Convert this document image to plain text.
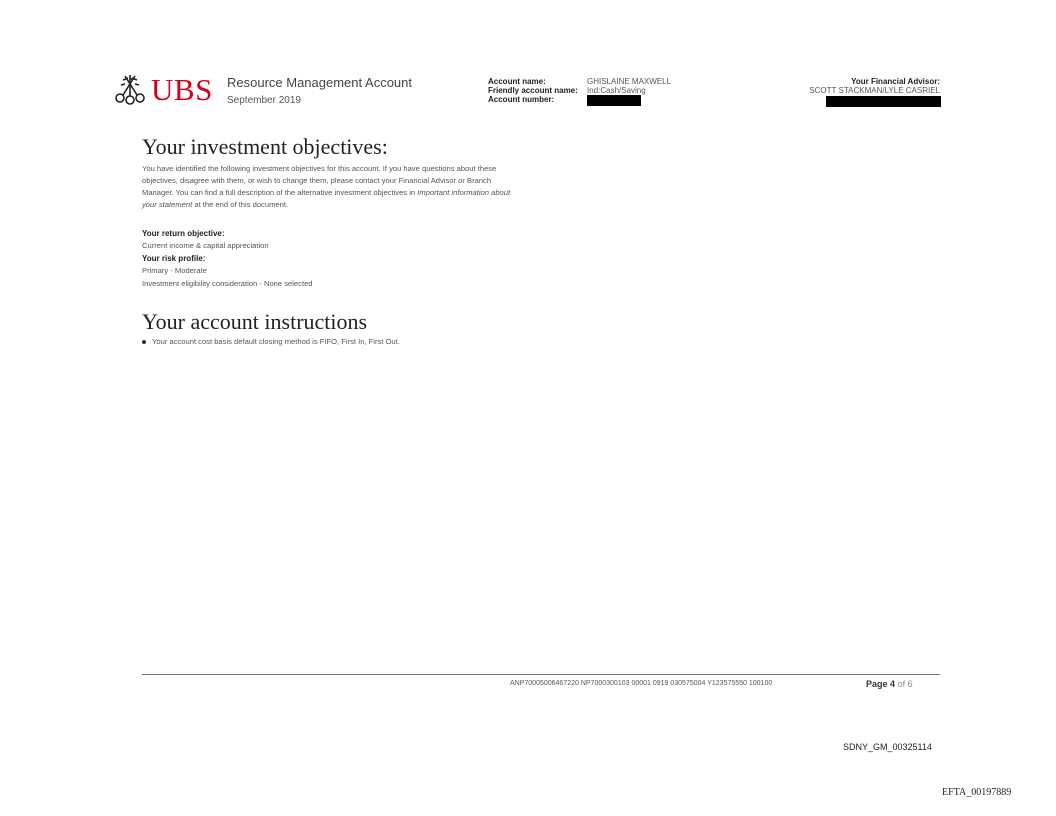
UBS Resource Management Account
September 2019
Account name:	GHISLAINE MAXWELL
Friendly account name: Ind:Cash/Saving
Account number:
Your Financial Advisor:
SCOTT STACKMAN/LYLE CASRIEL
Your investment objectives:

You have identified the following investment objectives for this account. If you have questions about these objectives, disagree with them, or wish to change them, please contact your Financial Advisor or Branch Manager. You can find a full description of the alternative investment objectives in Important information about your statement at the end of this document.

Your return objective:
Current income & capital appreciation
Your risk profile:
Primary - Moderate
Investment eligibility consideration - None selected
Your account instructions
Your account cost basis default closing method is FIFO, First In, First Out.
ANP70005006467220 NP7000300103 00001 0919 030575004 Y123575550 100100	Page 4 of 6
SDNY_GM_00325114
EFTA_00197889
